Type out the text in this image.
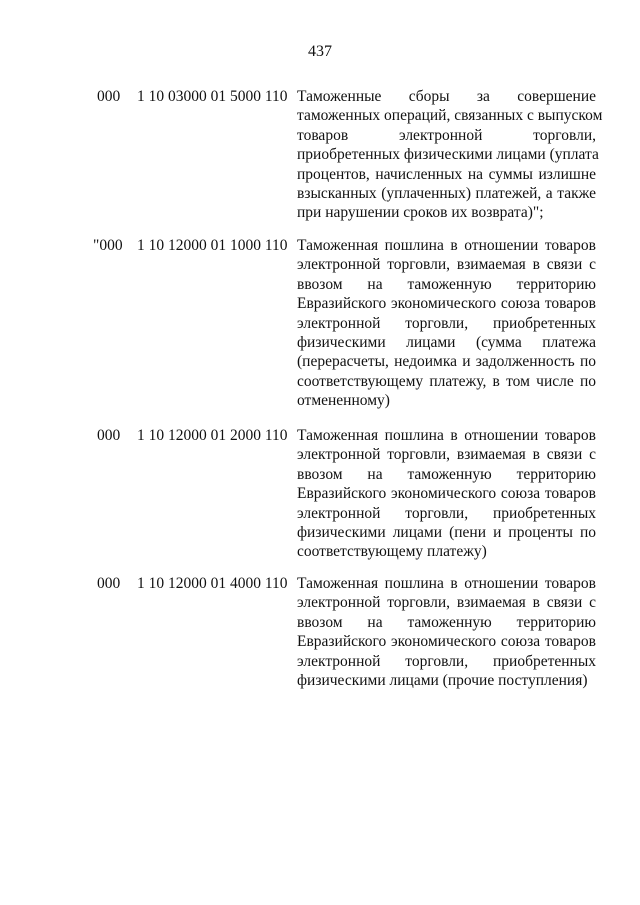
437
000 1 10 03000 01 5000 110 Таможенные сборы за совершение
таможенных операций, связанных с выпуском
товаров электронной торговли,
приобретенных физическими лицами (уплата
процентов, начисленных на суммы излишне
взысканных (уплаченных) платежей, а также
при нарушении сроков их возврата)";
"000 1 10 12000 01 1000 110 Таможенная пошлина в отношении товаров
электронной торговли, взимаемая в связи с
ввозом на таможенную территорию
Евразийского экономического союза товаров
электронной торговли, приобретенных
физическими лицами (сумма платежа
(перерасчеты, недоимка и задолженность по
соответствующему платежу, в том числе по
отмененному)
000 1 10 12000 01 2000 110 Таможенная пошлина в отношении товаров
электронной торговли, взимаемая в связи с
ввозом на таможенную территорию
Евразийского экономического союза товаров
электронной торговли, приобретенных
физическими лицами (пени и проценты по
соответствующему платежу)
000 1 10 12000 01 4000 110 Таможенная пошлина в отношении товаров
электронной торговли, взимаемая в связи с
ввозом на таможенную территорию
Евразийского экономического союза товаров
электронной торговли, приобретенных
физическими лицами (прочие поступления)
